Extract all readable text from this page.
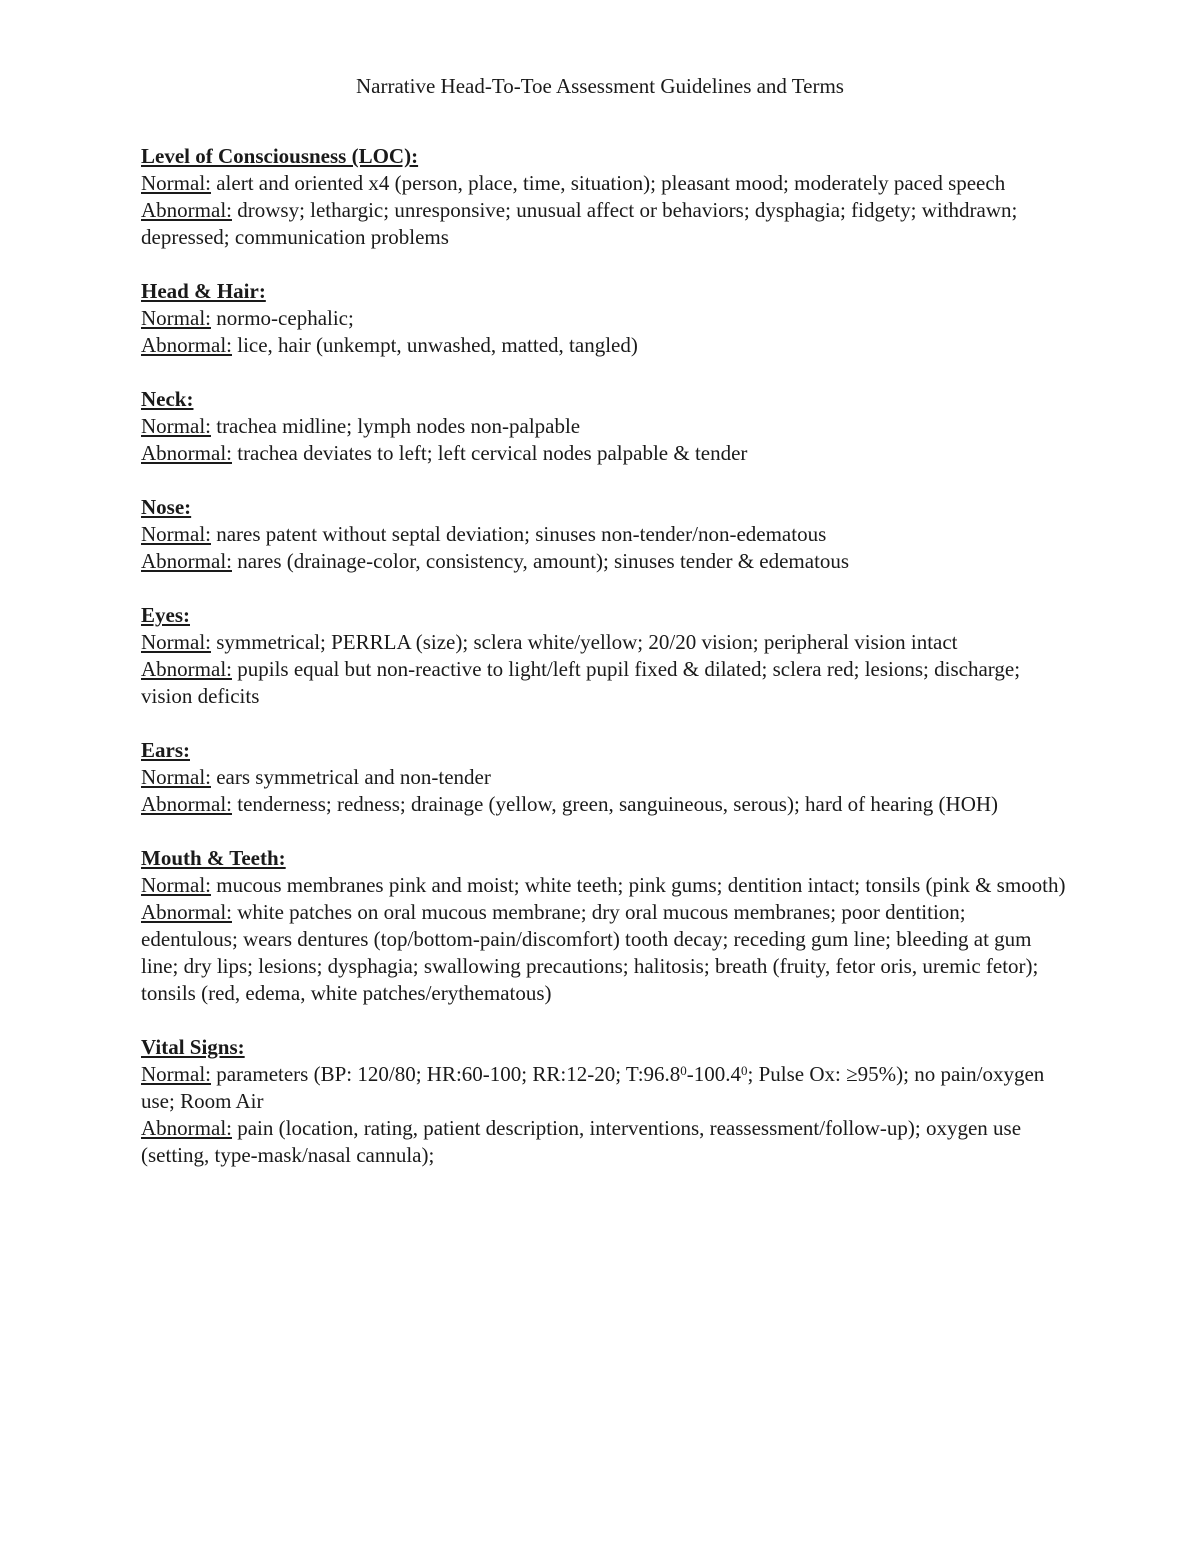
Narrative Head-To-Toe Assessment Guidelines and Terms

Level of Consciousness (LOC):

Normal: alert and oriented x4 (person, place, time, situation); pleasant mood; moderately paced speech

Abnormal: drowsy; lethargic; unresponsive; unusual affect or behaviors; dysphagia; fidgety; withdrawn; depressed; communication problems

Head & Hair:

Normal: normo-cephalic;

Abnormal: lice, hair (unkempt, unwashed, matted, tangled)

Neck:

Normal: trachea midline; lymph nodes non-palpable

Abnormal: trachea deviates to left; left cervical nodes palpable & tender

Nose:

Normal: nares patent without septal deviation; sinuses non-tender/non-edematous

Abnormal: nares (drainage-color, consistency, amount); sinuses tender & edematous

Eyes:

Normal: symmetrical; PERRLA (size); sclera white/yellow; 20/20 vision; peripheral vision intact

Abnormal: pupils equal but non-reactive to light/left pupil fixed & dilated; sclera red; lesions; discharge; vision deficits

Ears:

Normal: ears symmetrical and non-tender

Abnormal: tenderness; redness; drainage (yellow, green, sanguineous, serous); hard of hearing (HOH)

Mouth & Teeth:

Normal: mucous membranes pink and moist; white teeth; pink gums; dentition intact; tonsils (pink & smooth)

Abnormal: white patches on oral mucous membrane; dry oral mucous membranes; poor dentition; edentulous; wears dentures (top/bottom-pain/discomfort) tooth decay; receding gum line; bleeding at gum line; dry lips; lesions; dysphagia; swallowing precautions; halitosis; breath (fruity, fetor oris, uremic fetor); tonsils (red, edema, white patches/erythematous)

Vital Signs:

Normal: parameters (BP: 120/80; HR:60-100; RR:12-20; T:96.8$^0$-100.4$^0$; Pulse Ox: ≥95%); no pain/oxygen use; Room Air

Abnormal: pain (location, rating, patient description, interventions, reassessment/follow-up); oxygen use (setting, type-mask/nasal cannula);
